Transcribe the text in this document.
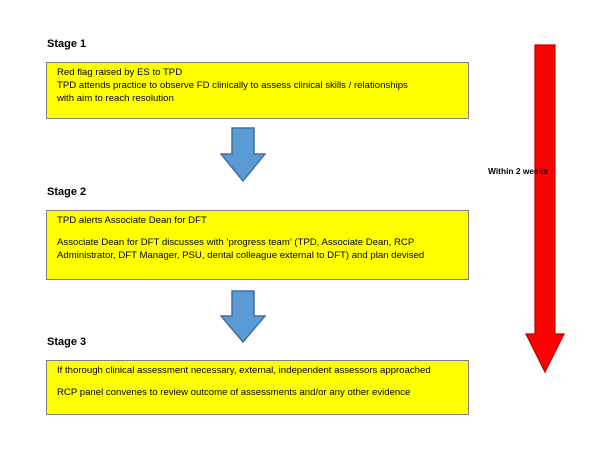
Stage 1

Red flag raised by ES to TPD

TPD attends practice to observe FD clinically to assess clinical skills / relationships

with aim to reach resolution

Stage 2

TPD alerts Associate Dean for DFT

Associate Dean for DFT discusses with ‘progress team’ (TPD, Associate Dean, RCP

Administrator, DFT Manager, PSU, dental colleague external to DFT) and plan devised

Stage 3

If thorough clinical assessment necessary, external, independent assessors approached

RCP panel convenes to review outcome of assessments and/or any other evidence

Within 2 weeks
